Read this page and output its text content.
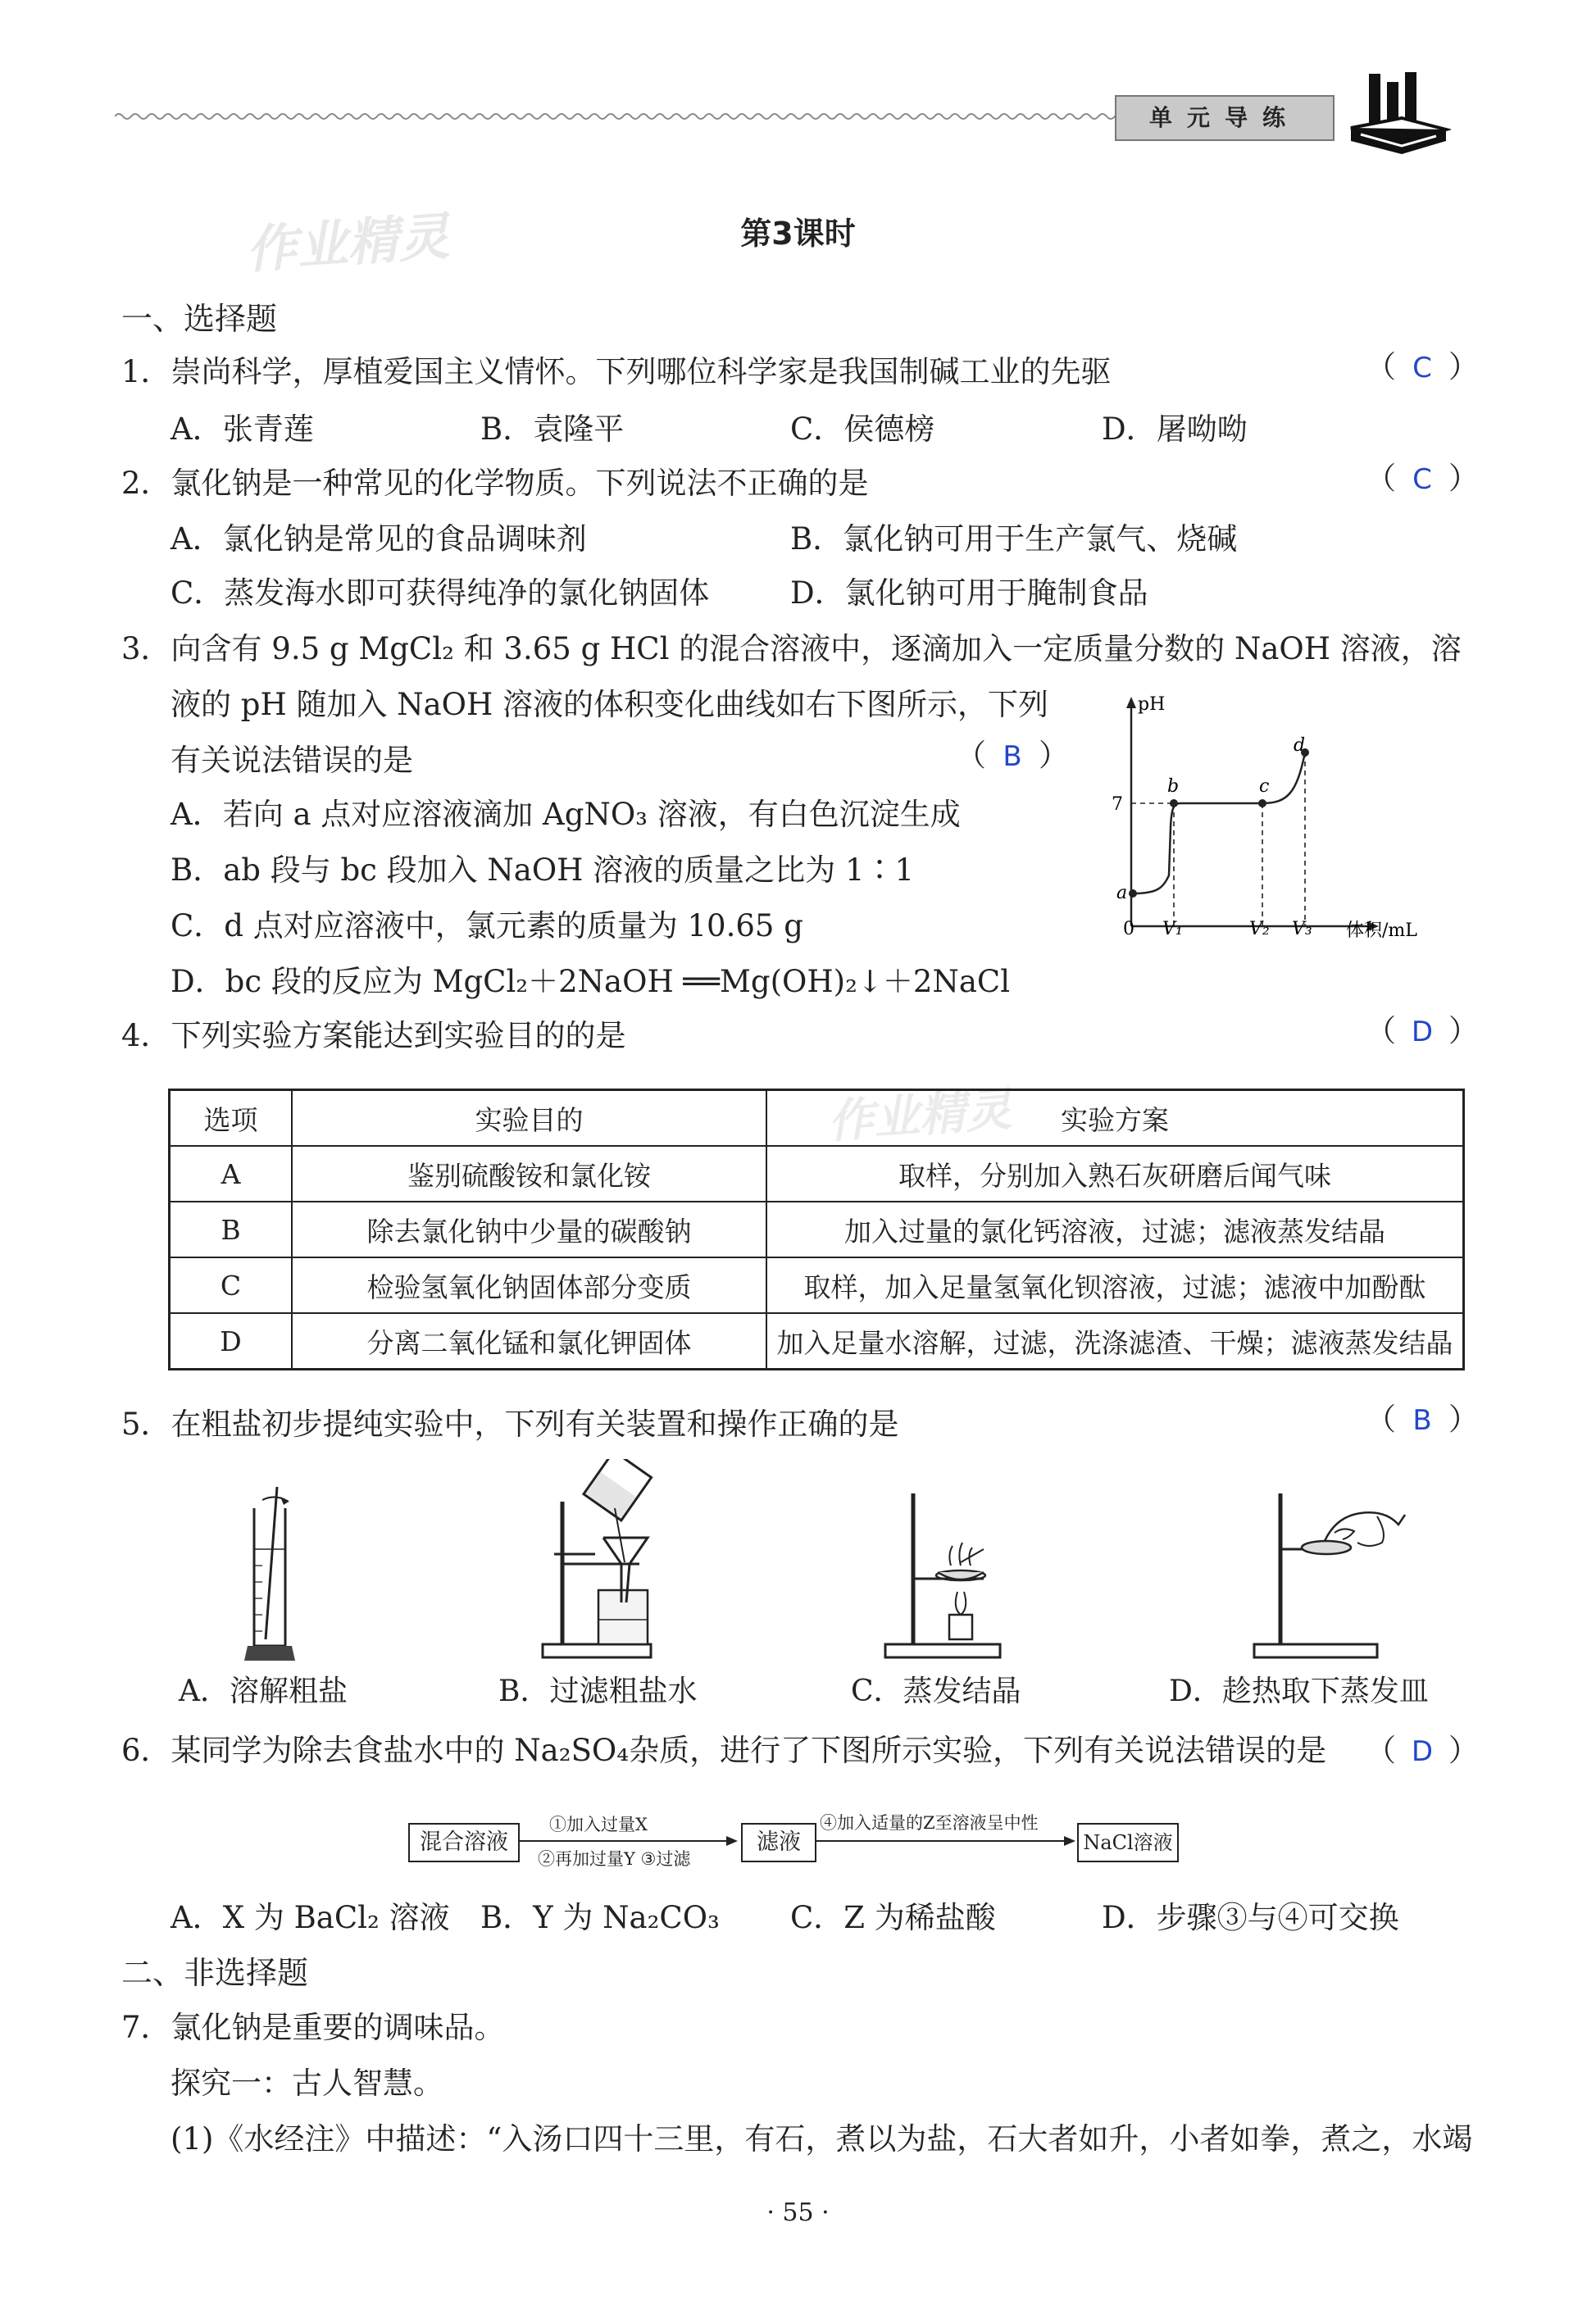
单元导练
作业精灵
作业精灵
第3课时
一、选择题
1．崇尚科学，厚植爱国主义情怀。下列哪位科学家是我国制碱工业的先驱	（ C ）
A．张青莲	B．袁隆平	C．侯德榜	D．屠呦呦
2．氯化钠是一种常见的化学物质。下列说法不正确的是	（ C ）
A．氯化钠是常见的食品调味剂	B．氯化钠可用于生产氯气、烧碱
C．蒸发海水即可获得纯净的氯化钠固体	D．氯化钠可用于腌制食品
3．向含有 9.5 g MgCl₂ 和 3.65 g HCl 的混合溶液中，逐滴加入一定质量分数的 NaOH 溶液，溶
液的 pH 随加入 NaOH 溶液的体积变化曲线如右下图所示，下列
有关说法错误的是	（ B ）
A．若向 a 点对应溶液滴加 AgNO₃ 溶液，有白色沉淀生成
B．ab 段与 bc 段加入 NaOH 溶液的质量之比为 1∶1
C．d 点对应溶液中，氯元素的质量为 10.65 g
D．bc 段的反应为 MgCl₂＋2NaOH ══Mg(OH)₂↓＋2NaCl
pH
体积/mL
7
0 V₁	V₂ V₃
a
b	c
d
4．下列实验方案能达到实验目的的是	（ D ）
选项	实验目的	实验方案
A	鉴别硫酸铵和氯化铵	取样，分别加入熟石灰研磨后闻气味
B	除去氯化钠中少量的碳酸钠	加入过量的氯化钙溶液，过滤；滤液蒸发结晶
C	检验氢氧化钠固体部分变质	取样，加入足量氢氧化钡溶液，过滤；滤液中加酚酞
D	分离二氧化锰和氯化钾固体	加入足量水溶解，过滤，洗涤滤渣、干燥；滤液蒸发结晶
5．在粗盐初步提纯实验中，下列有关装置和操作正确的是	（ B ）
A．溶解粗盐	B．过滤粗盐水	C．蒸发结晶	D．趁热取下蒸发皿
6．某同学为除去食盐水中的 Na₂SO₄杂质，进行了下图所示实验，下列有关说法错误的是 （ D ）
混合溶液
①加入过量X
②再加过量Y ③过滤
滤液
④加入适量的Z至溶液呈中性
NaCl溶液
A．X 为 BaCl₂ 溶液 B．Y 为 Na₂CO₃ C．Z 为稀盐酸	D．步骤③与④可交换
二、非选择题
7．氯化钠是重要的调味品。
探究一：古人智慧。
(1)《水经注》中描述：“入汤口四十三里，有石，煮以为盐，石大者如升，小者如拳，煮之，水竭
· 55 ·
